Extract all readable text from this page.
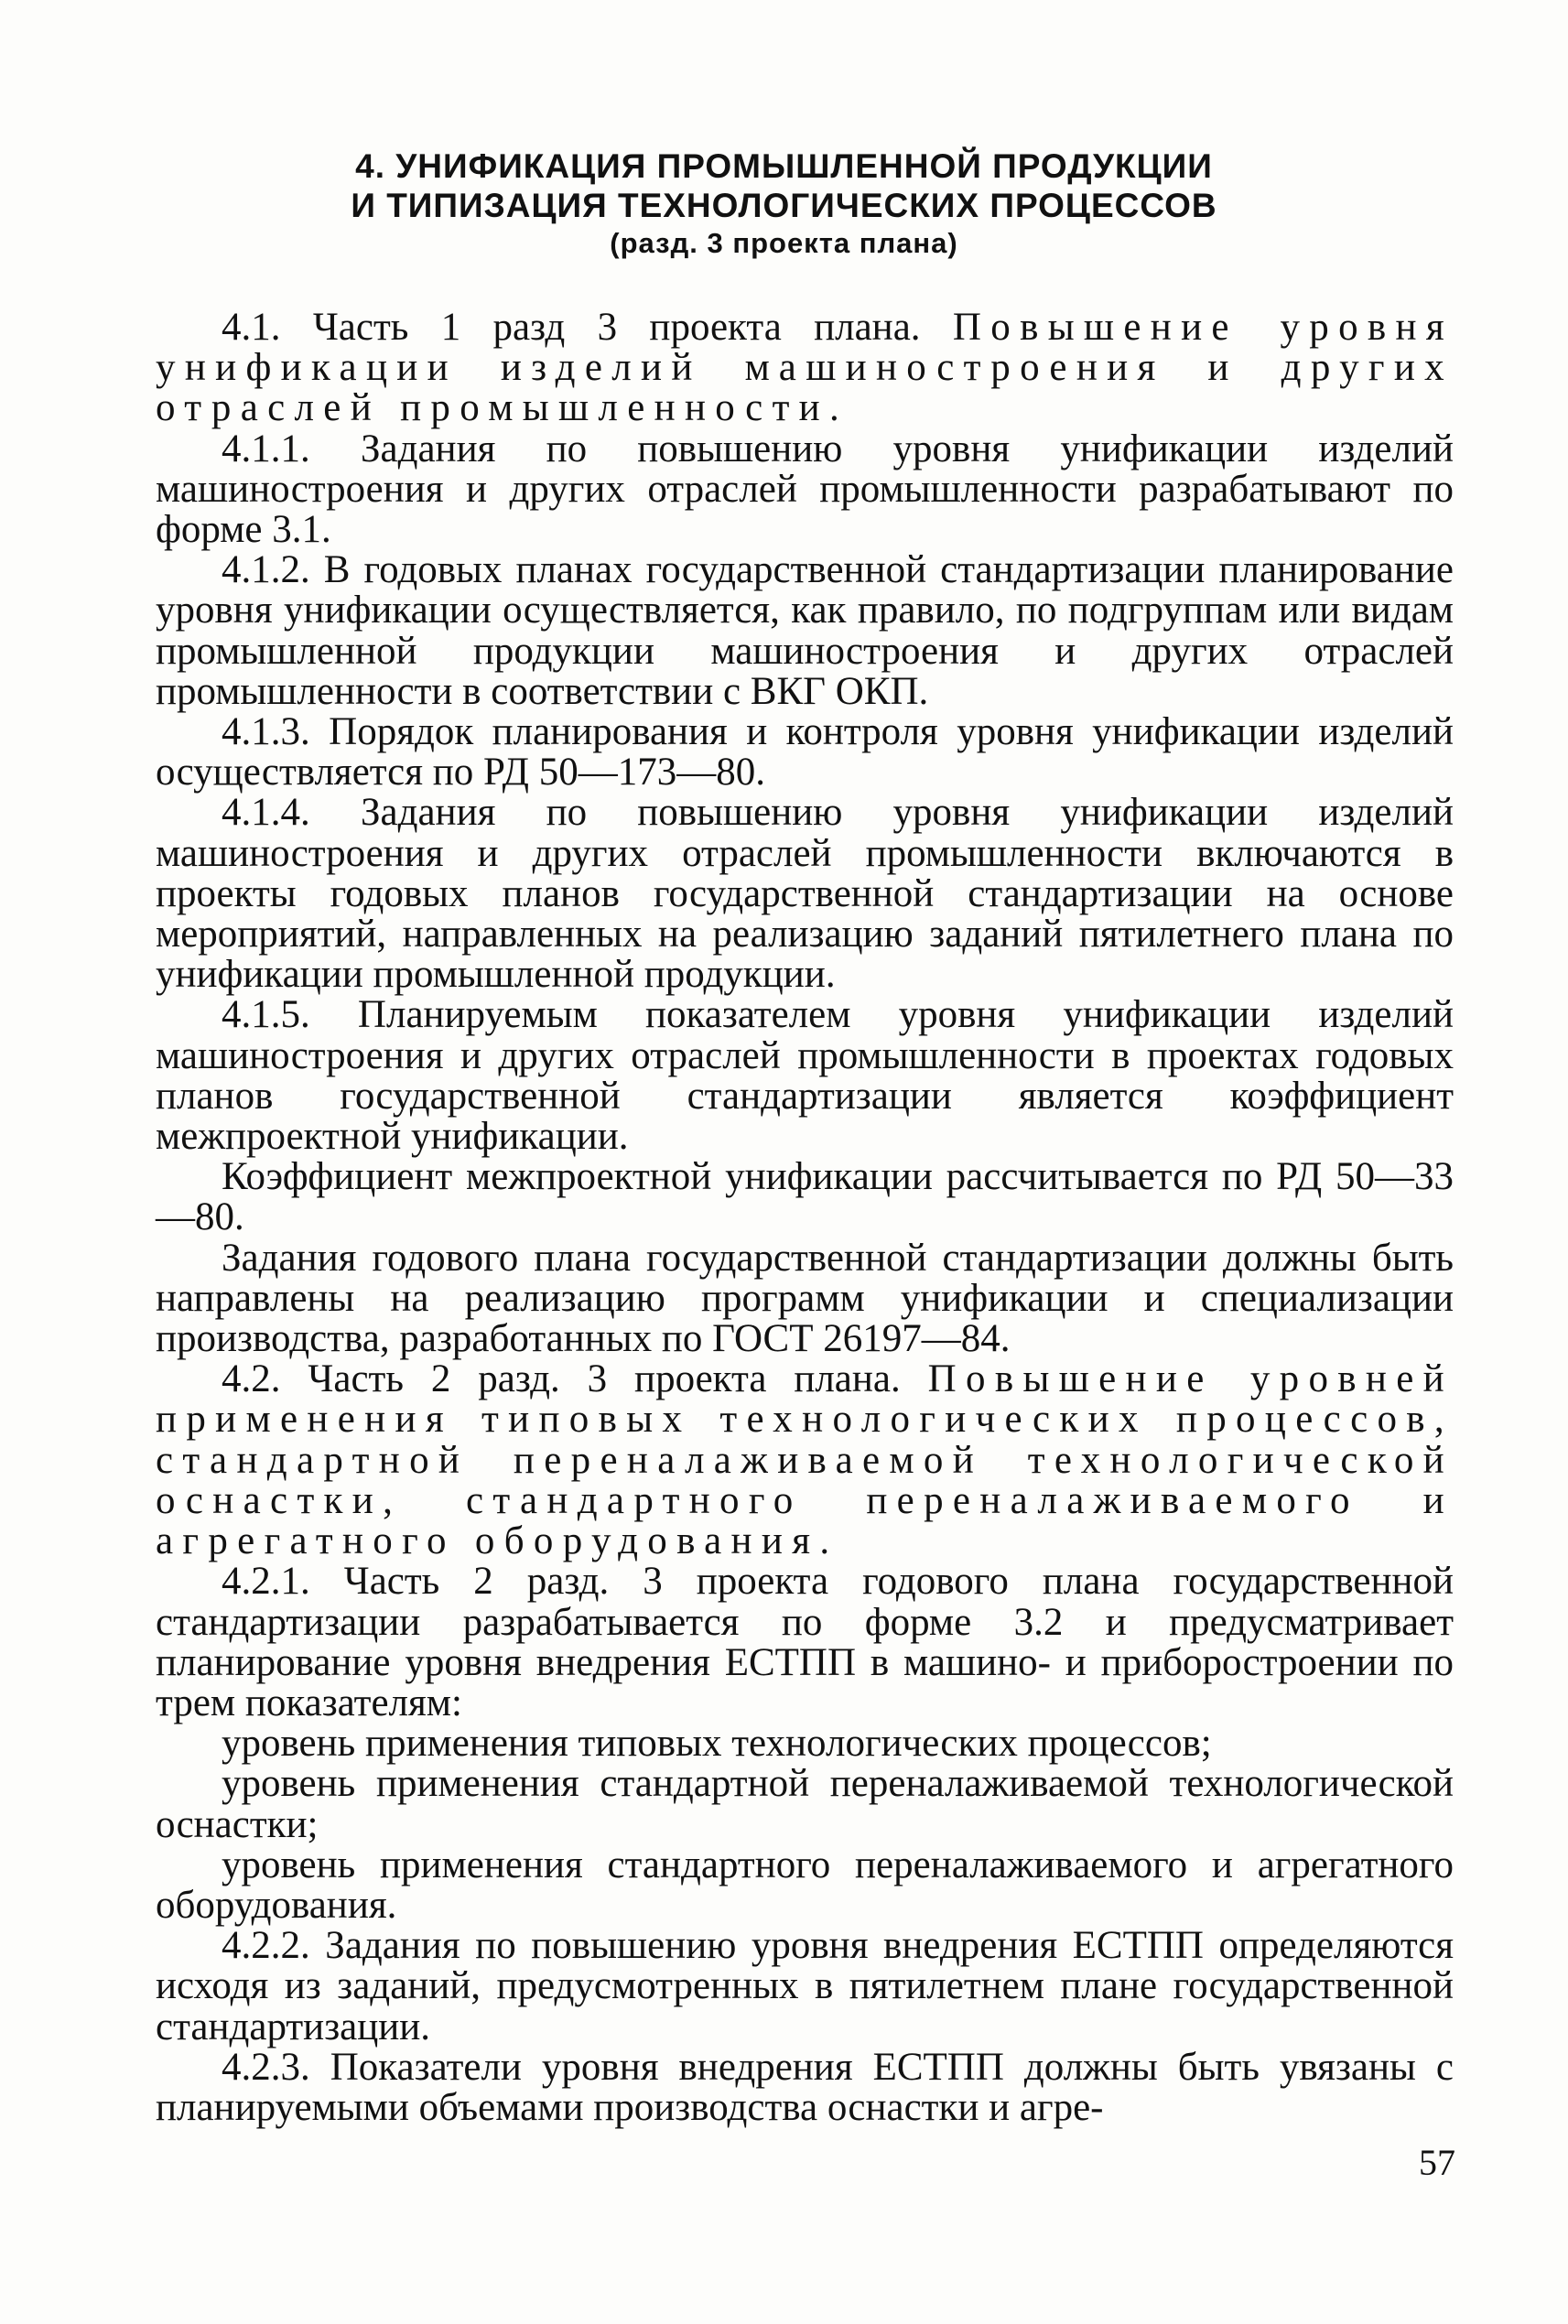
4. УНИФИКАЦИЯ ПРОМЫШЛЕННОЙ ПРОДУКЦИИ
И ТИПИЗАЦИЯ ТЕХНОЛОГИЧЕСКИХ ПРОЦЕССОВ
(разд. 3 проекта плана)

4.1. Часть 1 разд 3 проекта плана. Повышение уровня унификации изделий машиностроения и других отраслей промышленности.

4.1.1. Задания по повышению уровня унификации изделий машиностроения и других отраслей промышленности разрабатывают по форме 3.1.

4.1.2. В годовых планах государственной стандартизации планирование уровня унификации осуществляется, как правило, по подгруппам или видам промышленной продукции машиностроения и других отраслей промышленности в соответствии с ВКГ ОКП.

4.1.3. Порядок планирования и контроля уровня унификации изделий осуществляется по РД 50—173—80.

4.1.4. Задания по повышению уровня унификации изделий машиностроения и других отраслей промышленности включаются в проекты годовых планов государственной стандартизации на основе мероприятий, направленных на реализацию заданий пятилетнего плана по унификации промышленной продукции.

4.1.5. Планируемым показателем уровня унификации изделий машиностроения и других отраслей промышленности в проектах годовых планов государственной стандартизации является коэффициент межпроектной унификации.

Коэффициент межпроектной унификации рассчитывается по РД 50—33—80.

Задания годового плана государственной стандартизации должны быть направлены на реализацию программ унификации и специализации производства, разработанных по ГОСТ 26197—84.

4.2. Часть 2 разд. 3 проекта плана. Повышение уровней применения типовых технологических процессов, стандартной переналаживаемой технологической оснастки, стандартного переналаживаемого и агрегатного оборудования.

4.2.1. Часть 2 разд. 3 проекта годового плана государственной стандартизации разрабатывается по форме 3.2 и предусматривает планирование уровня внедрения ЕСТПП в машино- и приборостроении по трем показателям:

уровень применения типовых технологических процессов;

уровень применения стандартной переналаживаемой технологической оснастки;

уровень применения стандартного переналаживаемого и агрегатного оборудования.

4.2.2. Задания по повышению уровня внедрения ЕСТПП определяются исходя из заданий, предусмотренных в пятилетнем плане государственной стандартизации.

4.2.3. Показатели уровня внедрения ЕСТПП должны быть увязаны с планируемыми объемами производства оснастки и агре-

57
